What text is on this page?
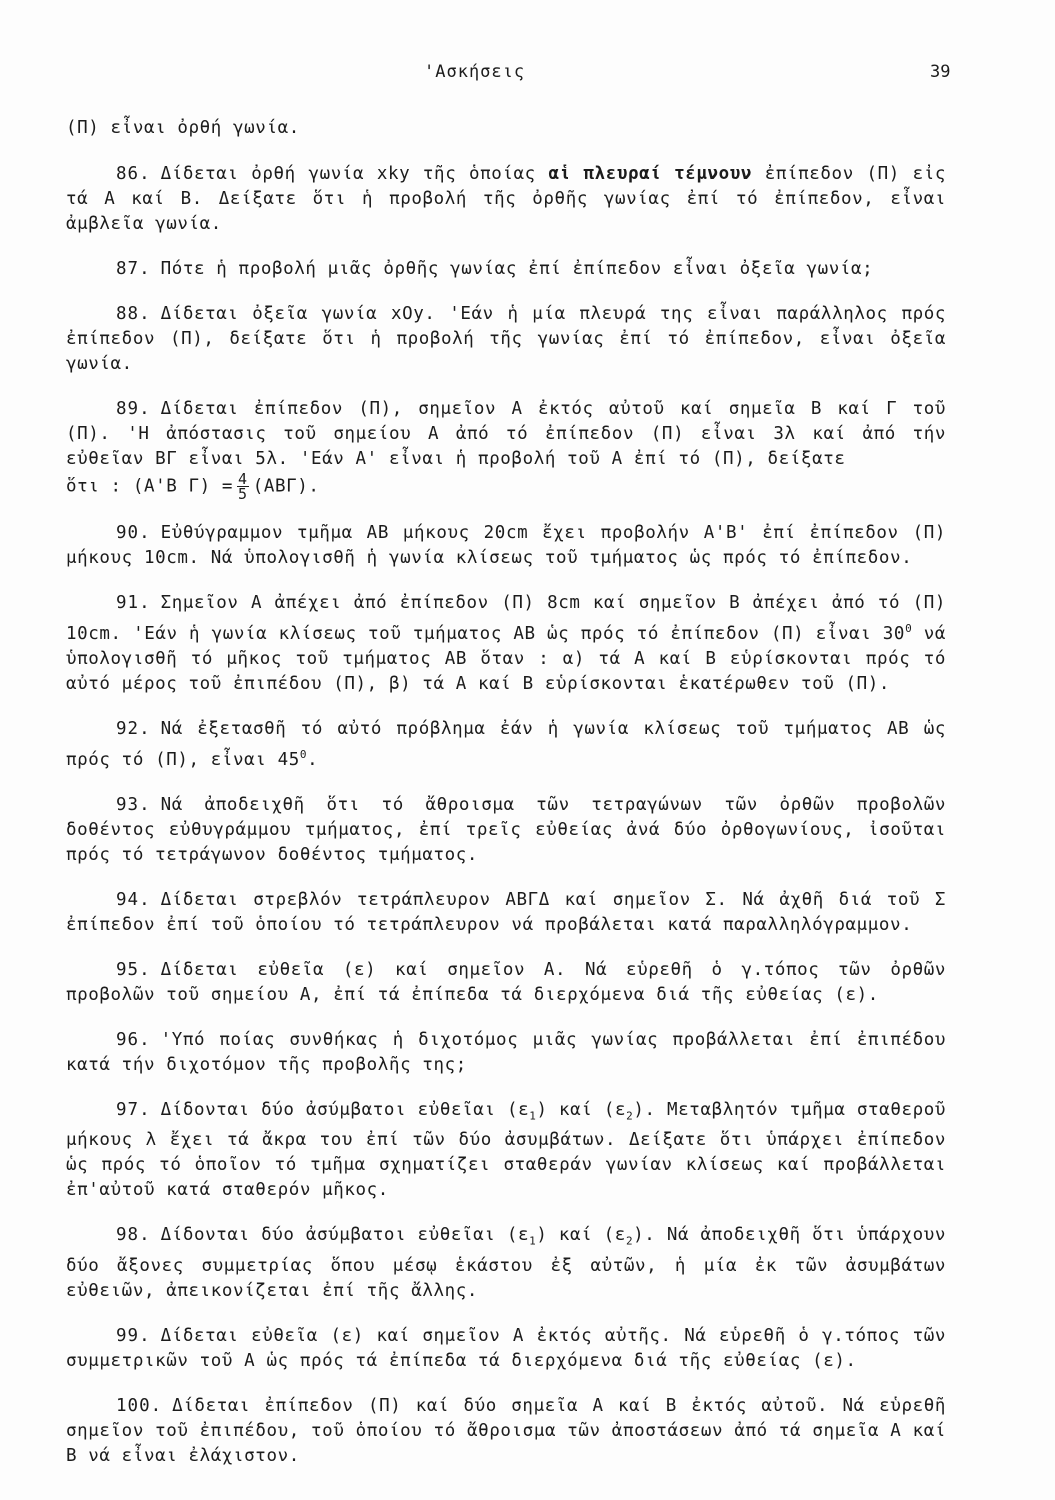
'Ασκήσεις	39

(Π) εἶναι ὀρθή γωνία.

86. Δίδεται ὀρθή γωνία xky τῆς ὁποίας αἱ πλευραί τέμνουν ἐπίπεδον (Π) εἰς τά Α καί Β. Δείξατε ὅτι ἡ προβολή τῆς ὀρθῆς γωνίας ἐπί τό ἐπίπεδον, εἶναι ἀμβλεῖα γωνία.

87. Πότε ἡ προβολή μιᾶς ὀρθῆς γωνίας ἐπί ἐπίπεδον εἶναι ὀξεῖα γωνία;

88. Δίδεται ὀξεῖα γωνία xOy. 'Εάν ἡ μία πλευρά της εἶναι παράλληλος πρός ἐπίπεδον (Π), δείξατε ὅτι ἡ προβολή τῆς γωνίας ἐπί τό ἐπίπεδον, εἶναι ὀξεῖα γωνία.

89. Δίδεται ἐπίπεδον (Π), σημεῖον Α ἐκτός αὐτοῦ καί σημεῖα Β καί Γ τοῦ (Π). 'Η ἀπόστασις τοῦ σημείου Α ἀπό τό ἐπίπεδον (Π) εἶναι 3λ καί ἀπό τήν εὐθεῖαν ΒΓ εἶναι 5λ. 'Εάν Α' εἶναι ἡ προβολή τοῦ Α ἐπί τό (Π), δείξατε
ὅτι : (Α'Β $\Gamma) = \frac{4}{5} (AB\Gamma)$.

90. Εὐθύγραμμον τμῆμα ΑΒ μήκους 20cm ἔχει προβολήν Α'Β' ἐπί ἐπίπεδον (Π) μήκους 10cm. Νά ὑπολογισθῆ ἡ γωνία κλίσεως τοῦ τμήματος ὡς πρός τό ἐπίπεδον.

91. Σημεῖον Α ἀπέχει ἀπό ἐπίπεδον (Π) 8cm καί σημεῖον Β ἀπέχει ἀπό τό (Π) 10cm. 'Εάν ἡ γωνία κλίσεως τοῦ τμήματος ΑΒ ὡς πρός τό ἐπίπεδον (Π) εἶναι $30^0$ νά ὑπολογισθῆ τό μῆκος τοῦ τμήματος ΑΒ ὅταν : α) τά Α καί Β εὑρίσκονται πρός τό αὐτό μέρος τοῦ ἐπιπέδου (Π), β) τά Α καί Β εὑρίσκονται ἑκατέρωθεν τοῦ (Π).

92. Νά ἐξετασθῆ τό αὐτό πρόβλημα ἐάν ἡ γωνία κλίσεως τοῦ τμήματος ΑΒ ὡς πρός τό (Π), εἶναι $45^0$.

93. Νά ἀποδειχθῆ ὅτι τό ἄθροισμα τῶν τετραγώνων τῶν ὀρθῶν προβολῶν δοθέντος εὐθυγράμμου τμήματος, ἐπί τρεῖς εὐθείας ἀνά δύο ὀρθογωνίους, ἰσοῦται πρός τό τετράγωνον δοθέντος τμήματος.

94. Δίδεται στρεβλόν τετράπλευρον ΑΒΓΔ καί σημεῖον Σ. Νά ἀχθῆ διά τοῦ Σ ἐπίπεδον ἐπί τοῦ ὁποίου τό τετράπλευρον νά προβάλεται κατά παραλληλόγραμμον.

95. Δίδεται εὐθεῖα (ε) καί σημεῖον Α. Νά εὑρεθῆ ὁ γ.τόπος τῶν ὀρθῶν προβολῶν τοῦ σημείου Α, ἐπί τά ἐπίπεδα τά διερχόμενα διά τῆς εὐθείας (ε).

96. 'Υπό ποίας συνθήκας ἡ διχοτόμος μιᾶς γωνίας προβάλλεται ἐπί ἐπιπέδου κατά τήν διχοτόμον τῆς προβολῆς της;

97. Δίδονται δύο ἀσύμβατοι εὐθεῖαι $(\varepsilon_1)$ καί $(\varepsilon_2)$. Μεταβλητόν τμῆμα σταθεροῦ μήκους λ ἔχει τά ἄκρα του ἐπί τῶν δύο ἀσυμβάτων. Δείξατε ὅτι ὑπάρχει ἐπίπεδον ὡς πρός τό ὁποῖον τό τμῆμα σχηματίζει σταθεράν γωνίαν κλίσεως καί προβάλλεται ἐπ'αὐτοῦ κατά σταθερόν μῆκος.

98. Δίδονται δύο ἀσύμβατοι εὐθεῖαι $(\varepsilon_1)$ καί $(\varepsilon_2)$. Νά ἀποδειχθῆ ὅτι ὑπάρχουν δύο ἄξονες συμμετρίας ὅπου μέσῳ ἑκάστου ἐξ αὐτῶν, ἡ μία ἐκ τῶν ἀσυμβάτων εὐθειῶν, ἀπεικονίζεται ἐπί τῆς ἄλλης.

99. Δίδεται εὐθεῖα (ε) καί σημεῖον Α ἐκτός αὐτῆς. Νά εὑρεθῆ ὁ γ.τόπος τῶν συμμετρικῶν τοῦ Α ὡς πρός τά ἐπίπεδα τά διερχόμενα διά τῆς εὐθείας (ε).

100. Δίδεται ἐπίπεδον (Π) καί δύο σημεῖα Α καί Β ἐκτός αὐτοῦ. Νά εὑρεθῆ σημεῖον τοῦ ἐπιπέδου, τοῦ ὁποίου τό ἄθροισμα τῶν ἀποστάσεων ἀπό τά σημεῖα Α καί Β νά εἶναι ἐλάχιστον.
